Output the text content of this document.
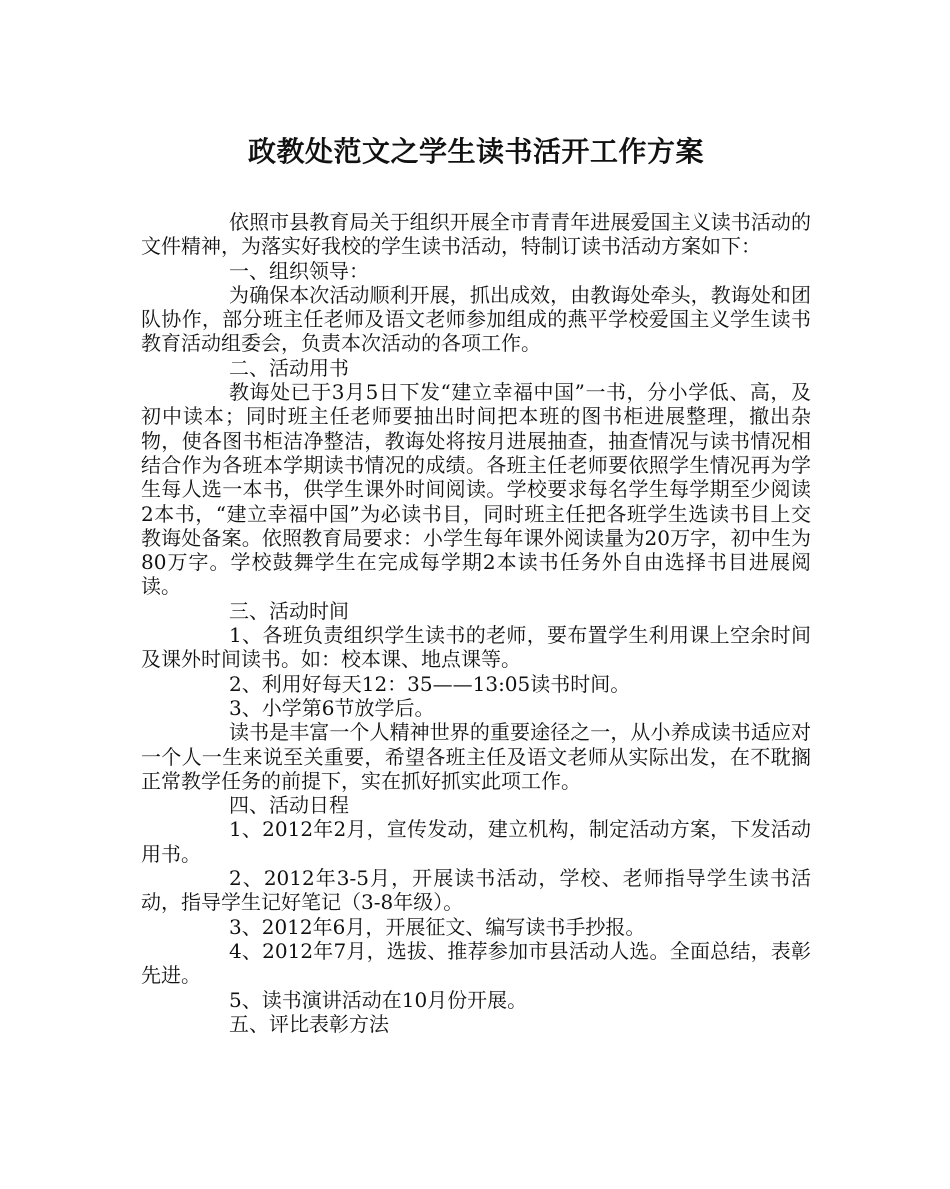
政教处范文之学生读书活开工作方案

依照市县教育局关于组织开展全市青青年进展爱国主义读书活动的文件精神，为落实好我校的学生读书活动，特制订读书活动方案如下：

一、组织领导：

为确保本次活动顺利开展，抓出成效，由教诲处牵头，教诲处和团队协作，部分班主任老师及语文老师参加组成的燕平学校爱国主义学生读书教育活动组委会，负责本次活动的各项工作。

二、活动用书

教诲处已于3月5日下发“建立幸福中国”一书，分小学低、高，及初中读本；同时班主任老师要抽出时间把本班的图书柜进展整理，撤出杂物，使各图书柜洁净整洁，教诲处将按月进展抽查，抽查情况与读书情况相结合作为各班本学期读书情况的成绩。各班主任老师要依照学生情况再为学生每人选一本书，供学生课外时间阅读。学校要求每名学生每学期至少阅读2本书，“建立幸福中国”为必读书目，同时班主任把各班学生选读书目上交教诲处备案。依照教育局要求：小学生每年课外阅读量为20万字，初中生为80万字。学校鼓舞学生在完成每学期2本读书任务外自由选择书目进展阅读。

三、活动时间

1、各班负责组织学生读书的老师，要布置学生利用课上空余时间及课外时间读书。如：校本课、地点课等。

2、利用好每天12：35——13:05读书时间。

3、小学第6节放学后。

读书是丰富一个人精神世界的重要途径之一，从小养成读书适应对一个人一生来说至关重要，希望各班主任及语文老师从实际出发，在不耽搁正常教学任务的前提下，实在抓好抓实此项工作。

四、活动日程

1、2012年2月，宣传发动，建立机构，制定活动方案，下发活动用书。

2、2012年3-5月，开展读书活动，学校、老师指导学生读书活动，指导学生记好笔记（3-8年级）。

3、2012年6月，开展征文、编写读书手抄报。

4、2012年7月，选拔、推荐参加市县活动人选。全面总结，表彰先进。

5、读书演讲活动在10月份开展。

五、评比表彰方法
